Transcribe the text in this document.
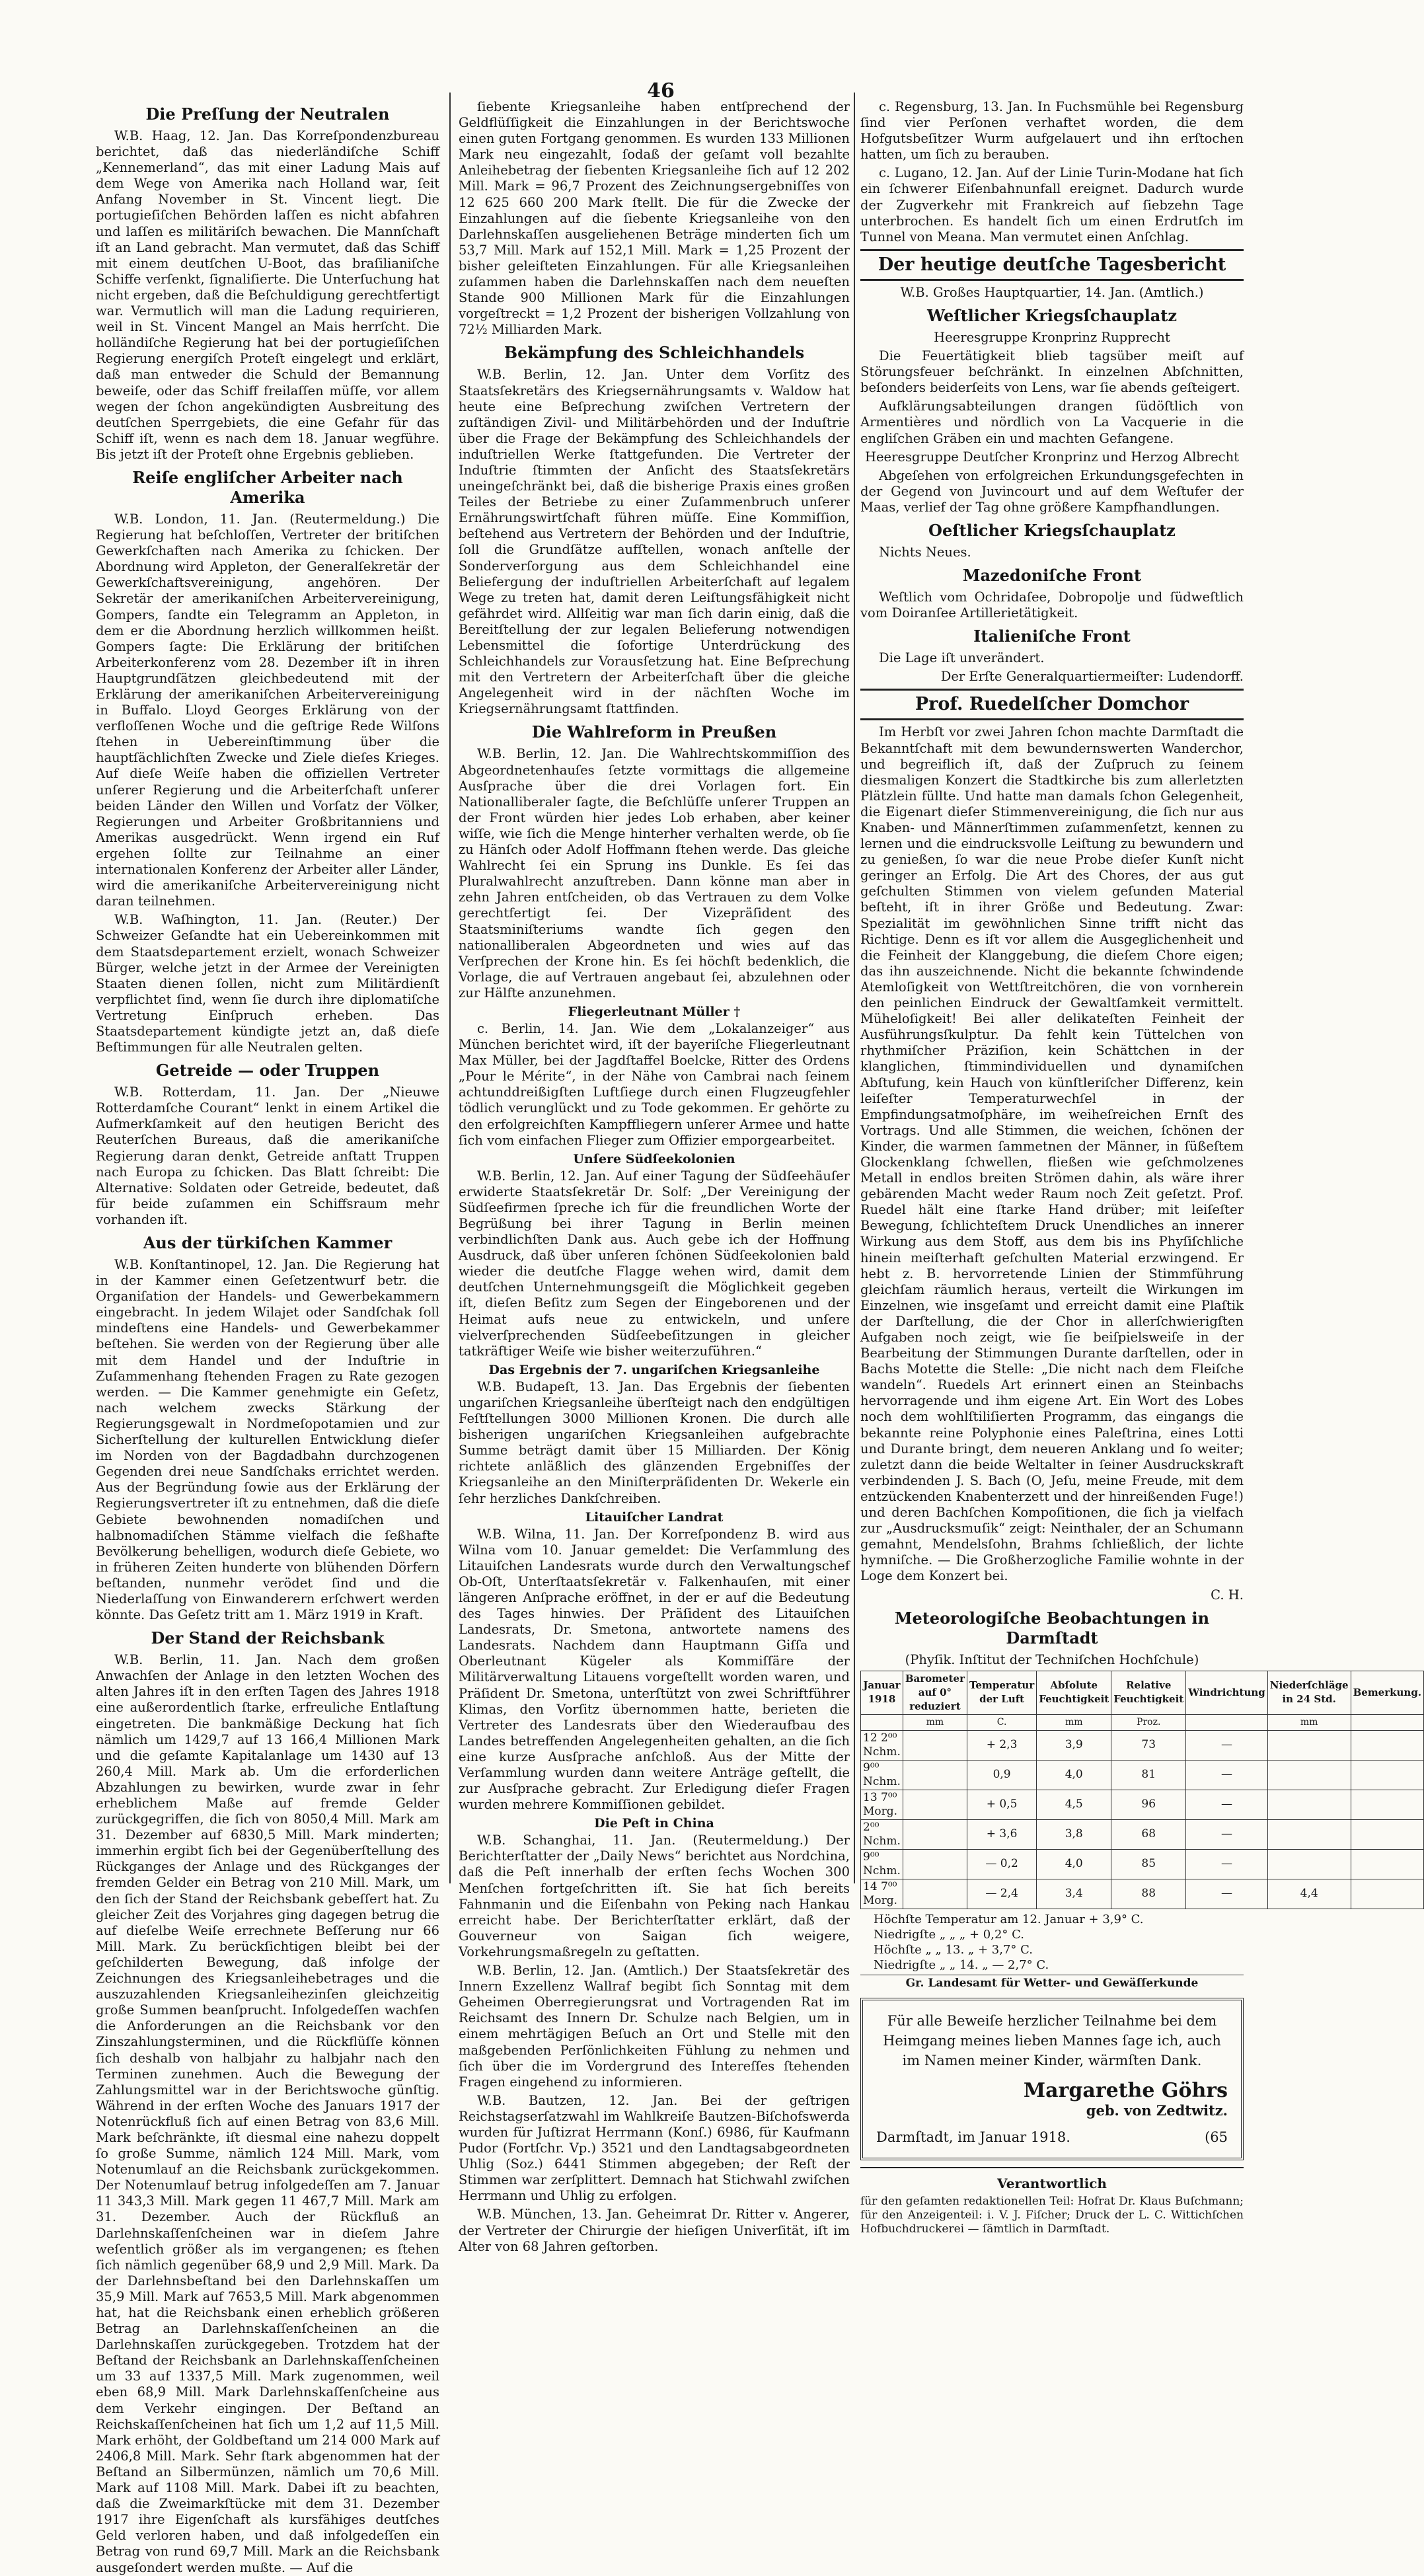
46
Die Preſſung der Neutralen

W.B. Haag, 12. Jan. Das Korreſpondenzbureau berichtet, daß das niederländiſche Schiff „Kennemerland“, das mit einer Ladung Mais auf dem Wege von Amerika nach Holland war, ſeit Anfang November in St. Vincent liegt. Die portugieſiſchen Behörden laſſen es nicht abfahren und laſſen es militäriſch bewachen. Die Mannſchaft iſt an Land gebracht. Man vermutet, daß das Schiff mit einem deutſchen U-Boot, das braſilianiſche Schiffe verſenkt, ſignaliſierte. Die Unterſuchung hat nicht ergeben, daß die Beſchuldigung gerechtfertigt war. Vermutlich will man die Ladung requirieren, weil in St. Vincent Mangel an Mais herrſcht. Die holländiſche Regierung hat bei der portugieſiſchen Regierung energiſch Proteſt eingelegt und erklärt, daß man entweder die Schuld der Bemannung beweiſe, oder das Schiff freilaſſen müſſe, vor allem wegen der ſchon angekündigten Ausbreitung des deutſchen Sperrgebiets, die eine Gefahr für das Schiff iſt, wenn es nach dem 18. Januar wegführe. Bis jetzt iſt der Proteſt ohne Ergebnis geblieben.

Reiſe engliſcher Arbeiter nach Amerika

W.B. London, 11. Jan. (Reutermeldung.) Die Regierung hat beſchloſſen, Vertreter der britiſchen Gewerkſchaften nach Amerika zu ſchicken. Der Abordnung wird Appleton, der Generalſekretär der Gewerkſchaftsvereinigung, angehören. Der Sekretär der amerikaniſchen Arbeitervereinigung, Gompers, ſandte ein Telegramm an Appleton, in dem er die Abordnung herzlich willkommen heißt. Gompers ſagte: Die Erklärung der britiſchen Arbeiterkonferenz vom 28. Dezember iſt in ihren Hauptgrundſätzen gleichbedeutend mit der Erklärung der amerikaniſchen Arbeitervereinigung in Buffalo. Lloyd Georges Erklärung von der verfloſſenen Woche und die geſtrige Rede Wilſons ſtehen in Uebereinſtimmung über die hauptſächlichſten Zwecke und Ziele dieſes Krieges. Auf dieſe Weiſe haben die offiziellen Vertreter unſerer Regierung und die Arbeiterſchaft unſerer beiden Länder den Willen und Vorſatz der Völker, Regierungen und Arbeiter Großbritanniens und Amerikas ausgedrückt. Wenn irgend ein Ruf ergehen ſollte zur Teilnahme an einer internationalen Konferenz der Arbeiter aller Länder, wird die amerikaniſche Arbeitervereinigung nicht daran teilnehmen.

W.B. Waſhington, 11. Jan. (Reuter.) Der Schweizer Geſandte hat ein Uebereinkommen mit dem Staatsdepartement erzielt, wonach Schweizer Bürger, welche jetzt in der Armee der Vereinigten Staaten dienen ſollen, nicht zum Militärdienſt verpflichtet ſind, wenn ſie durch ihre diplomatiſche Vertretung Einſpruch erheben. Das Staatsdepartement kündigte jetzt an, daß dieſe Beſtimmungen für alle Neutralen gelten.

Getreide — oder Truppen

W.B. Rotterdam, 11. Jan. Der „Nieuwe Rotterdamſche Courant“ lenkt in einem Artikel die Aufmerkſamkeit auf den heutigen Bericht des Reuterſchen Bureaus, daß die amerikaniſche Regierung daran denkt, Getreide anſtatt Truppen nach Europa zu ſchicken. Das Blatt ſchreibt: Die Alternative: Soldaten oder Getreide, bedeutet, daß für beide zuſammen ein Schiffsraum mehr vorhanden iſt.

Aus der türkiſchen Kammer

W.B. Konſtantinopel, 12. Jan. Die Regierung hat in der Kammer einen Geſetzentwurf betr. die Organiſation der Handels- und Gewerbekammern eingebracht. In jedem Wilajet oder Sandſchak ſoll mindeſtens eine Handels- und Gewerbekammer beſtehen. Sie werden von der Regierung über alle mit dem Handel und der Induſtrie in Zuſammenhang ſtehenden Fragen zu Rate gezogen werden. — Die Kammer genehmigte ein Geſetz, nach welchem zwecks Stärkung der Regierungsgewalt in Nordmeſopotamien und zur Sicherſtellung der kulturellen Entwicklung dieſer im Norden von der Bagdadbahn durchzogenen Gegenden drei neue Sandſchaks errichtet werden. Aus der Begründung ſowie aus der Erklärung der Regierungsvertreter iſt zu entnehmen, daß die dieſe Gebiete bewohnenden nomadiſchen und halbnomadiſchen Stämme vielfach die ſeßhafte Bevölkerung behelligen, wodurch dieſe Gebiete, wo in früheren Zeiten hunderte von blühenden Dörfern beſtanden, nunmehr verödet ſind und die Niederlaſſung von Einwanderern erſchwert werden könnte. Das Geſetz tritt am 1. März 1919 in Kraft.

Der Stand der Reichsbank

W.B. Berlin, 11. Jan. Nach dem großen Anwachſen der Anlage in den letzten Wochen des alten Jahres iſt in den erſten Tagen des Jahres 1918 eine außerordentlich ſtarke, erfreuliche Entlaſtung eingetreten. Die bankmäßige Deckung hat ſich nämlich um 1429,7 auf 13 166,4 Millionen Mark und die geſamte Kapitalanlage um 1430 auf 13 260,4 Mill. Mark ab. Um die erforderlichen Abzahlungen zu bewirken, wurde zwar in ſehr erheblichem Maße auf fremde Gelder zurückgegriffen, die ſich von 8050,4 Mill. Mark am 31. Dezember auf 6830,5 Mill. Mark minderten; immerhin ergibt ſich bei der Gegenüberſtellung des Rückganges der Anlage und des Rückganges der fremden Gelder ein Betrag von 210 Mill. Mark, um den ſich der Stand der Reichsbank gebeſſert hat. Zu gleicher Zeit des Vorjahres ging dagegen betrug die auf dieſelbe Weiſe errechnete Beſſerung nur 66 Mill. Mark. Zu berückſichtigen bleibt bei der geſchilderten Bewegung, daß infolge der Zeichnungen des Kriegsanleihebetrages und die auszuzahlenden Kriegsanleihezinſen gleichzeitig große Summen beanſprucht. Infolgedeſſen wachſen die Anforderungen an die Reichsbank vor den Zinszahlungsterminen, und die Rückflüſſe können ſich deshalb von halbjahr zu halbjahr nach den Terminen zunehmen. Auch die Bewegung der Zahlungsmittel war in der Berichtswoche günſtig. Während in der erſten Woche des Januars 1917 der Notenrückfluß ſich auf einen Betrag von 83,6 Mill. Mark beſchränkte, iſt diesmal eine nahezu doppelt ſo große Summe, nämlich 124 Mill. Mark, vom Notenumlauf an die Reichsbank zurückgekommen. Der Notenumlauf betrug infolgedeſſen am 7. Januar 11 343,3 Mill. Mark gegen 11 467,7 Mill. Mark am 31. Dezember. Auch der Rückfluß an Darlehnskaſſenſcheinen war in dieſem Jahre weſentlich größer als im vergangenen; es ſtehen ſich nämlich gegenüber 68,9 und 2,9 Mill. Mark. Da der Darlehnsbeſtand bei den Darlehnskaſſen um 35,9 Mill. Mark auf 7653,5 Mill. Mark abgenommen hat, hat die Reichsbank einen erheblich größeren Betrag an Darlehnskaſſenſcheinen an die Darlehnskaſſen zurückgegeben. Trotzdem hat der Beſtand der Reichsbank an Darlehnskaſſenſcheinen um 33 auf 1337,5 Mill. Mark zugenommen, weil eben 68,9 Mill. Mark Darlehnskaſſenſcheine aus dem Verkehr eingingen. Der Beſtand an Reichskaſſenſcheinen hat ſich um 1,2 auf 11,5 Mill. Mark erhöht, der Goldbeſtand um 214 000 Mark auf 2406,8 Mill. Mark. Sehr ſtark abgenommen hat der Beſtand an Silbermünzen, nämlich um 70,6 Mill. Mark auf 1108 Mill. Mark. Dabei iſt zu beachten, daß die Zweimarkſtücke mit dem 31. Dezember 1917 ihre Eigenſchaft als kursfähiges deutſches Geld verloren haben, und daß infolgedeſſen ein Betrag von rund 69,7 Mill. Mark an die Reichsbank ausgeſondert werden mußte. — Auf die

ſiebente Kriegsanleihe haben entſprechend der Geldflüſſigkeit die Einzahlungen in der Berichtswoche einen guten Fortgang genommen. Es wurden 133 Millionen Mark neu eingezahlt, ſodaß der geſamt voll bezahlte Anleihebetrag der ſiebenten Kriegsanleihe ſich auf 12 202 Mill. Mark = 96,7 Prozent des Zeichnungsergebniſſes von 12 625 660 200 Mark ſtellt. Die für die Zwecke der Einzahlungen auf die ſiebente Kriegsanleihe von den Darlehnskaſſen ausgeliehenen Beträge minderten ſich um 53,7 Mill. Mark auf 152,1 Mill. Mark = 1,25 Prozent der bisher geleiſteten Einzahlungen. Für alle Kriegsanleihen zuſammen haben die Darlehnskaſſen nach dem neueſten Stande 900 Millionen Mark für die Einzahlungen vorgeſtreckt = 1,2 Prozent der bisherigen Vollzahlung von 72½ Milliarden Mark.

Bekämpfung des Schleichhandels

W.B. Berlin, 12. Jan. Unter dem Vorſitz des Staatsſekretärs des Kriegsernährungsamts v. Waldow hat heute eine Beſprechung zwiſchen Vertretern der zuſtändigen Zivil- und Militärbehörden und der Induſtrie über die Frage der Bekämpfung des Schleichhandels der induſtriellen Werke ſtattgefunden. Die Vertreter der Induſtrie ſtimmten der Anſicht des Staatsſekretärs uneingeſchränkt bei, daß die bisherige Praxis eines großen Teiles der Betriebe zu einer Zuſammenbruch unſerer Ernährungswirtſchaft führen müſſe. Eine Kommiſſion, beſtehend aus Vertretern der Behörden und der Induſtrie, ſoll die Grundſätze aufſtellen, wonach anſtelle der Sonderverſorgung aus dem Schleichhandel eine Beliefergung der induſtriellen Arbeiterſchaft auf legalem Wege zu treten hat, damit deren Leiſtungsfähigkeit nicht gefährdet wird. Allſeitig war man ſich darin einig, daß die Bereitſtellung der zur legalen Belieferung notwendigen Lebensmittel die ſofortige Unterdrückung des Schleichhandels zur Vorausſetzung hat. Eine Beſprechung mit den Vertretern der Arbeiterſchaft über die gleiche Angelegenheit wird in der nächſten Woche im Kriegsernährungsamt ſtattfinden.

Die Wahlreform in Preußen

W.B. Berlin, 12. Jan. Die Wahlrechtskommiſſion des Abgeordnetenhauſes ſetzte vormittags die allgemeine Ausſprache über die drei Vorlagen fort. Ein Nationalliberaler ſagte, die Beſchlüſſe unſerer Truppen an der Front würden hier jedes Lob erhaben, aber keiner wiſſe, wie ſich die Menge hinterher verhalten werde, ob ſie zu Hänſch oder Adolf Hoffmann ſtehen werde. Das gleiche Wahlrecht ſei ein Sprung ins Dunkle. Es ſei das Pluralwahlrecht anzuſtreben. Dann könne man aber in zehn Jahren entſcheiden, ob das Vertrauen zu dem Volke gerechtfertigt ſei. Der Vizepräſident des Staatsminiſteriums wandte ſich gegen den nationalliberalen Abgeordneten und wies auf das Verſprechen der Krone hin. Es ſei höchſt bedenklich, die Vorlage, die auf Vertrauen angebaut ſei, abzulehnen oder zur Hälfte anzunehmen.

Fliegerleutnant Müller †

c. Berlin, 14. Jan. Wie dem „Lokalanzeiger“ aus München berichtet wird, iſt der bayeriſche Fliegerleutnant Max Müller, bei der Jagdſtaffel Boelcke, Ritter des Ordens „Pour le Mérite“, in der Nähe von Cambrai nach ſeinem achtunddreißigſten Luftſiege durch einen Flugzeugfehler tödlich verunglückt und zu Tode gekommen. Er gehörte zu den erfolgreichſten Kampffliegern unſerer Armee und hatte ſich vom einfachen Flieger zum Offizier emporgearbeitet.

Unſere Südſeekolonien

W.B. Berlin, 12. Jan. Auf einer Tagung der Südſeehäuſer erwiderte Staatsſekretär Dr. Solf: „Der Vereinigung der Südſeefirmen ſpreche ich für die freundlichen Worte der Begrüßung bei ihrer Tagung in Berlin meinen verbindlichſten Dank aus. Auch gebe ich der Hoffnung Ausdruck, daß über unſeren ſchönen Südſeekolonien bald wieder die deutſche Flagge wehen wird, damit dem deutſchen Unternehmungsgeiſt die Möglichkeit gegeben iſt, dieſen Beſitz zum Segen der Eingeborenen und der Heimat aufs neue zu entwickeln, und unſere vielverſprechenden Südſeebeſitzungen in gleicher tatkräftiger Weiſe wie bisher weiterzuführen.“

Das Ergebnis der 7. ungariſchen Kriegsanleihe

W.B. Budapeſt, 13. Jan. Das Ergebnis der ſiebenten ungariſchen Kriegsanleihe überſteigt nach den endgültigen Feſtſtellungen 3000 Millionen Kronen. Die durch alle bisherigen ungariſchen Kriegsanleihen aufgebrachte Summe beträgt damit über 15 Milliarden. Der König richtete anläßlich des glänzenden Ergebniſſes der Kriegsanleihe an den Miniſterpräſidenten Dr. Wekerle ein ſehr herzliches Dankſchreiben.

Litauiſcher Landrat

W.B. Wilna, 11. Jan. Der Korreſpondenz B. wird aus Wilna vom 10. Januar gemeldet: Die Verſammlung des Litauiſchen Landesrats wurde durch den Verwaltungschef Ob-Oſt, Unterſtaatsſekretär v. Falkenhauſen, mit einer längeren Anſprache eröffnet, in der er auf die Bedeutung des Tages hinwies. Der Präſident des Litauiſchen Landesrats, Dr. Smetona, antwortete namens des Landesrats. Nachdem dann Hauptmann Giſſa und Oberleutnant Kügeler als Kommiſſäre der Militärverwaltung Litauens vorgeſtellt worden waren, und Präſident Dr. Smetona, unterſtützt von zwei Schriftführer Klimas, den Vorſitz übernommen hatte, berieten die Vertreter des Landesrats über den Wiederaufbau des Landes betreffenden Angelegenheiten gehalten, an die ſich eine kurze Ausſprache anſchloß. Aus der Mitte der Verſammlung wurden dann weitere Anträge geſtellt, die zur Ausſprache gebracht. Zur Erledigung dieſer Fragen wurden mehrere Kommiſſionen gebildet.

Die Peſt in China

W.B. Schanghai, 11. Jan. (Reutermeldung.) Der Berichterſtatter der „Daily News“ berichtet aus Nordchina, daß die Peſt innerhalb der erſten ſechs Wochen 300 Menſchen fortgeſchritten iſt. Sie hat ſich bereits Fahnmanin und die Eiſenbahn von Peking nach Hankau erreicht habe. Der Berichterſtatter erklärt, daß der Gouverneur von Saigan ſich weigere, Vorkehrungsmaßregeln zu geſtatten.

W.B. Berlin, 12. Jan. (Amtlich.) Der Staatsſekretär des Innern Exzellenz Wallraf begibt ſich Sonntag mit dem Geheimen Oberregierungsrat und Vortragenden Rat im Reichsamt des Innern Dr. Schulze nach Belgien, um in einem mehrtägigen Beſuch an Ort und Stelle mit den maßgebenden Perſönlichkeiten Fühlung zu nehmen und ſich über die im Vordergrund des Intereſſes ſtehenden Fragen eingehend zu informieren.

W.B. Bautzen, 12. Jan. Bei der geſtrigen Reichstagserſatzwahl im Wahlkreiſe Bautzen-Biſchofswerda wurden für Juſtizrat Herrmann (Konſ.) 6986, für Kaufmann Pudor (Fortſchr. Vp.) 3521 und den Landtagsabgeordneten Uhlig (Soz.) 6441 Stimmen abgegeben; der Reſt der Stimmen war zerſplittert. Demnach hat Stichwahl zwiſchen Herrmann und Uhlig zu erfolgen.

W.B. München, 13. Jan. Geheimrat Dr. Ritter v. Angerer, der Vertreter der Chirurgie der hieſigen Univerſität, iſt im Alter von 68 Jahren geſtorben.

c. Regensburg, 13. Jan. In Fuchsmühle bei Regensburg ſind vier Perſonen verhaftet worden, die dem Hofgutsbeſitzer Wurm aufgelauert und ihn erſtochen hatten, um ſich zu berauben.

c. Lugano, 12. Jan. Auf der Linie Turin-Modane hat ſich ein ſchwerer Eiſenbahnunfall ereignet. Dadurch wurde der Zugverkehr mit Frankreich auf ſiebzehn Tage unterbrochen. Es handelt ſich um einen Erdrutſch im Tunnel von Meana. Man vermutet einen Anſchlag.

Der heutige deutſche Tagesbericht

W.B. Großes Hauptquartier, 14. Jan. (Amtlich.)

Weſtlicher Kriegsſchauplatz

Heeresgruppe Kronprinz Rupprecht

Die Feuertätigkeit blieb tagsüber meiſt auf Störungsfeuer beſchränkt. In einzelnen Abſchnitten, beſonders beiderſeits von Lens, war ſie abends geſteigert.

Aufklärungsabteilungen drangen ſüdöſtlich von Armentières und nördlich von La Vacquerie in die engliſchen Gräben ein und machten Gefangene.

Heeresgruppe Deutſcher Kronprinz und Herzog Albrecht

Abgeſehen von erfolgreichen Erkundungsgefechten in der Gegend von Juvincourt und auf dem Weſtufer der Maas, verlief der Tag ohne größere Kampfhandlungen.

Oeſtlicher Kriegsſchauplatz

Nichts Neues.

Mazedoniſche Front

Weſtlich vom Ochridaſee, Dobropolje und ſüdweſtlich vom Doiranſee Artillerietätigkeit.

Italieniſche Front

Die Lage iſt unverändert.

Der Erſte Generalquartiermeiſter: Ludendorff.

Prof. Ruedelſcher Domchor

Im Herbſt vor zwei Jahren ſchon machte Darmſtadt die Bekanntſchaft mit dem bewundernswerten Wanderchor, und begreiflich iſt, daß der Zuſpruch zu ſeinem diesmaligen Konzert die Stadtkirche bis zum allerletzten Plätzlein füllte. Und hatte man damals ſchon Gelegenheit, die Eigenart dieſer Stimmenvereinigung, die ſich nur aus Knaben- und Männerſtimmen zuſammenſetzt, kennen zu lernen und die eindrucksvolle Leiſtung zu bewundern und zu genießen, ſo war die neue Probe dieſer Kunſt nicht geringer an Erfolg. Die Art des Chores, der aus gut geſchulten Stimmen von vielem geſunden Material beſteht, iſt in ihrer Größe und Bedeutung. Zwar: Spezialität im gewöhnlichen Sinne trifft nicht das Richtige. Denn es iſt vor allem die Ausgeglichenheit und die Feinheit der Klanggebung, die dieſem Chore eigen; das ihn auszeichnende. Nicht die bekannte ſchwindende Atemloſigkeit von Wettſtreitchören, die von vornherein den peinlichen Eindruck der Gewaltſamkeit vermittelt. Müheloſigkeit! Bei aller delikateſten Feinheit der Ausführungsſkulptur. Da fehlt kein Tüttelchen von rhythmiſcher Präziſion, kein Schättchen in der klanglichen, ſtimmindividuellen und dynamiſchen Abſtufung, kein Hauch von künſtleriſcher Differenz, kein leiſeſter Temperaturwechſel in der Empfindungsatmoſphäre, im weiheſreichen Ernſt des Vortrags. Und alle Stimmen, die weichen, ſchönen der Kinder, die warmen ſammetnen der Männer, in ſüßeſtem Glockenklang ſchwellen, fließen wie geſchmolzenes Metall in endlos breiten Strömen dahin, als wäre ihrer gebärenden Macht weder Raum noch Zeit geſetzt. Prof. Ruedel hält eine ſtarke Hand drüber; mit leiſeſter Bewegung, ſchlichteſtem Druck Unendliches an innerer Wirkung aus dem Stoff, aus dem bis ins Phyſiſchliche hinein meiſterhaft geſchulten Material erzwingend. Er hebt z. B. hervorretende Linien der Stimmführung gleichſam räumlich heraus, verteilt die Wirkungen im Einzelnen, wie insgeſamt und erreicht damit eine Plaſtik der Darſtellung, die der Chor in allerſchwierigſten Aufgaben noch zeigt, wie ſie beiſpielsweiſe in der Bearbeitung der Stimmungen Durante darſtellen, oder in Bachs Motette die Stelle: „Die nicht nach dem Fleiſche wandeln“. Ruedels Art erinnert einen an Steinbachs hervorragende und ihm eigene Art. Ein Wort des Lobes noch dem wohlſtiliſierten Programm, das eingangs die bekannte reine Polyphonie eines Paleſtrina, eines Lotti und Durante bringt, dem neueren Anklang und ſo weiter; zuletzt dann die beide Weltalter in ſeiner Ausdruckskraft verbindenden J. S. Bach (O, Jeſu, meine Freude, mit dem entzückenden Knabenterzett und der hinreißenden Fuge!) und deren Bachſchen Kompoſitionen, die ſich ja vielfach zur „Ausdrucksmuſik“ zeigt: Neinthaler, der an Schumann gemahnt, Mendelsſohn, Brahms ſchließlich, der lichte hymniſche. — Die Großherzogliche Familie wohnte in der Loge dem Konzert bei.

C. H.

Meteorologiſche Beobachtungen in Darmſtadt

(Phyſik. Inſtitut der Techniſchen Hochſchule)

Januar 1918	Barometer auf 0° reduziert	Temperatur der Luft	Abſolute Feuchtigkeit	Relative Feuchtigkeit	Windrichtung	Niederſchläge in 24 Std.	Bemerkung.
	mm	C.	mm	Proz.		mm	
12 2⁰⁰ Nchm.		+ 2,3	3,9	73	—		
9⁰⁰ Nchm.		0,9	4,0	81	—		
13 7⁰⁰ Morg.		+ 0,5	4,5	96	—		
2⁰⁰ Nchm.		+ 3,6	3,8	68	—		
9⁰⁰ Nchm.		— 0,2	4,0	85	—		
14 7⁰⁰ Morg.		— 2,4	3,4	88	—	4,4	
Höchſte Temperatur am 12. Januar + 3,9° C.
Niedrigſte „ „ „ + 0,2° C.
Höchſte „ „ 13. „ + 3,7° C.
Niedrigſte „ „ 14. „ — 2,7° C.
Gr. Landesamt für Wetter- und Gewäſſerkunde
Für alle Beweiſe herzlicher Teilnahme bei dem Heimgang meines lieben Mannes ſage ich, auch im Namen meiner Kinder, wärmſten Dank.
Margarethe Göhrs
geb. von Zedtwitz.
Darmſtadt, im Januar 1918.	(65
Verantwortlich

für den geſamten redaktionellen Teil: Hofrat Dr. Klaus Buſchmann; für den Anzeigenteil: i. V. J. Fiſcher; Druck der L. C. Wittichſchen Hofbuchdruckerei — ſämtlich in Darmſtadt.
